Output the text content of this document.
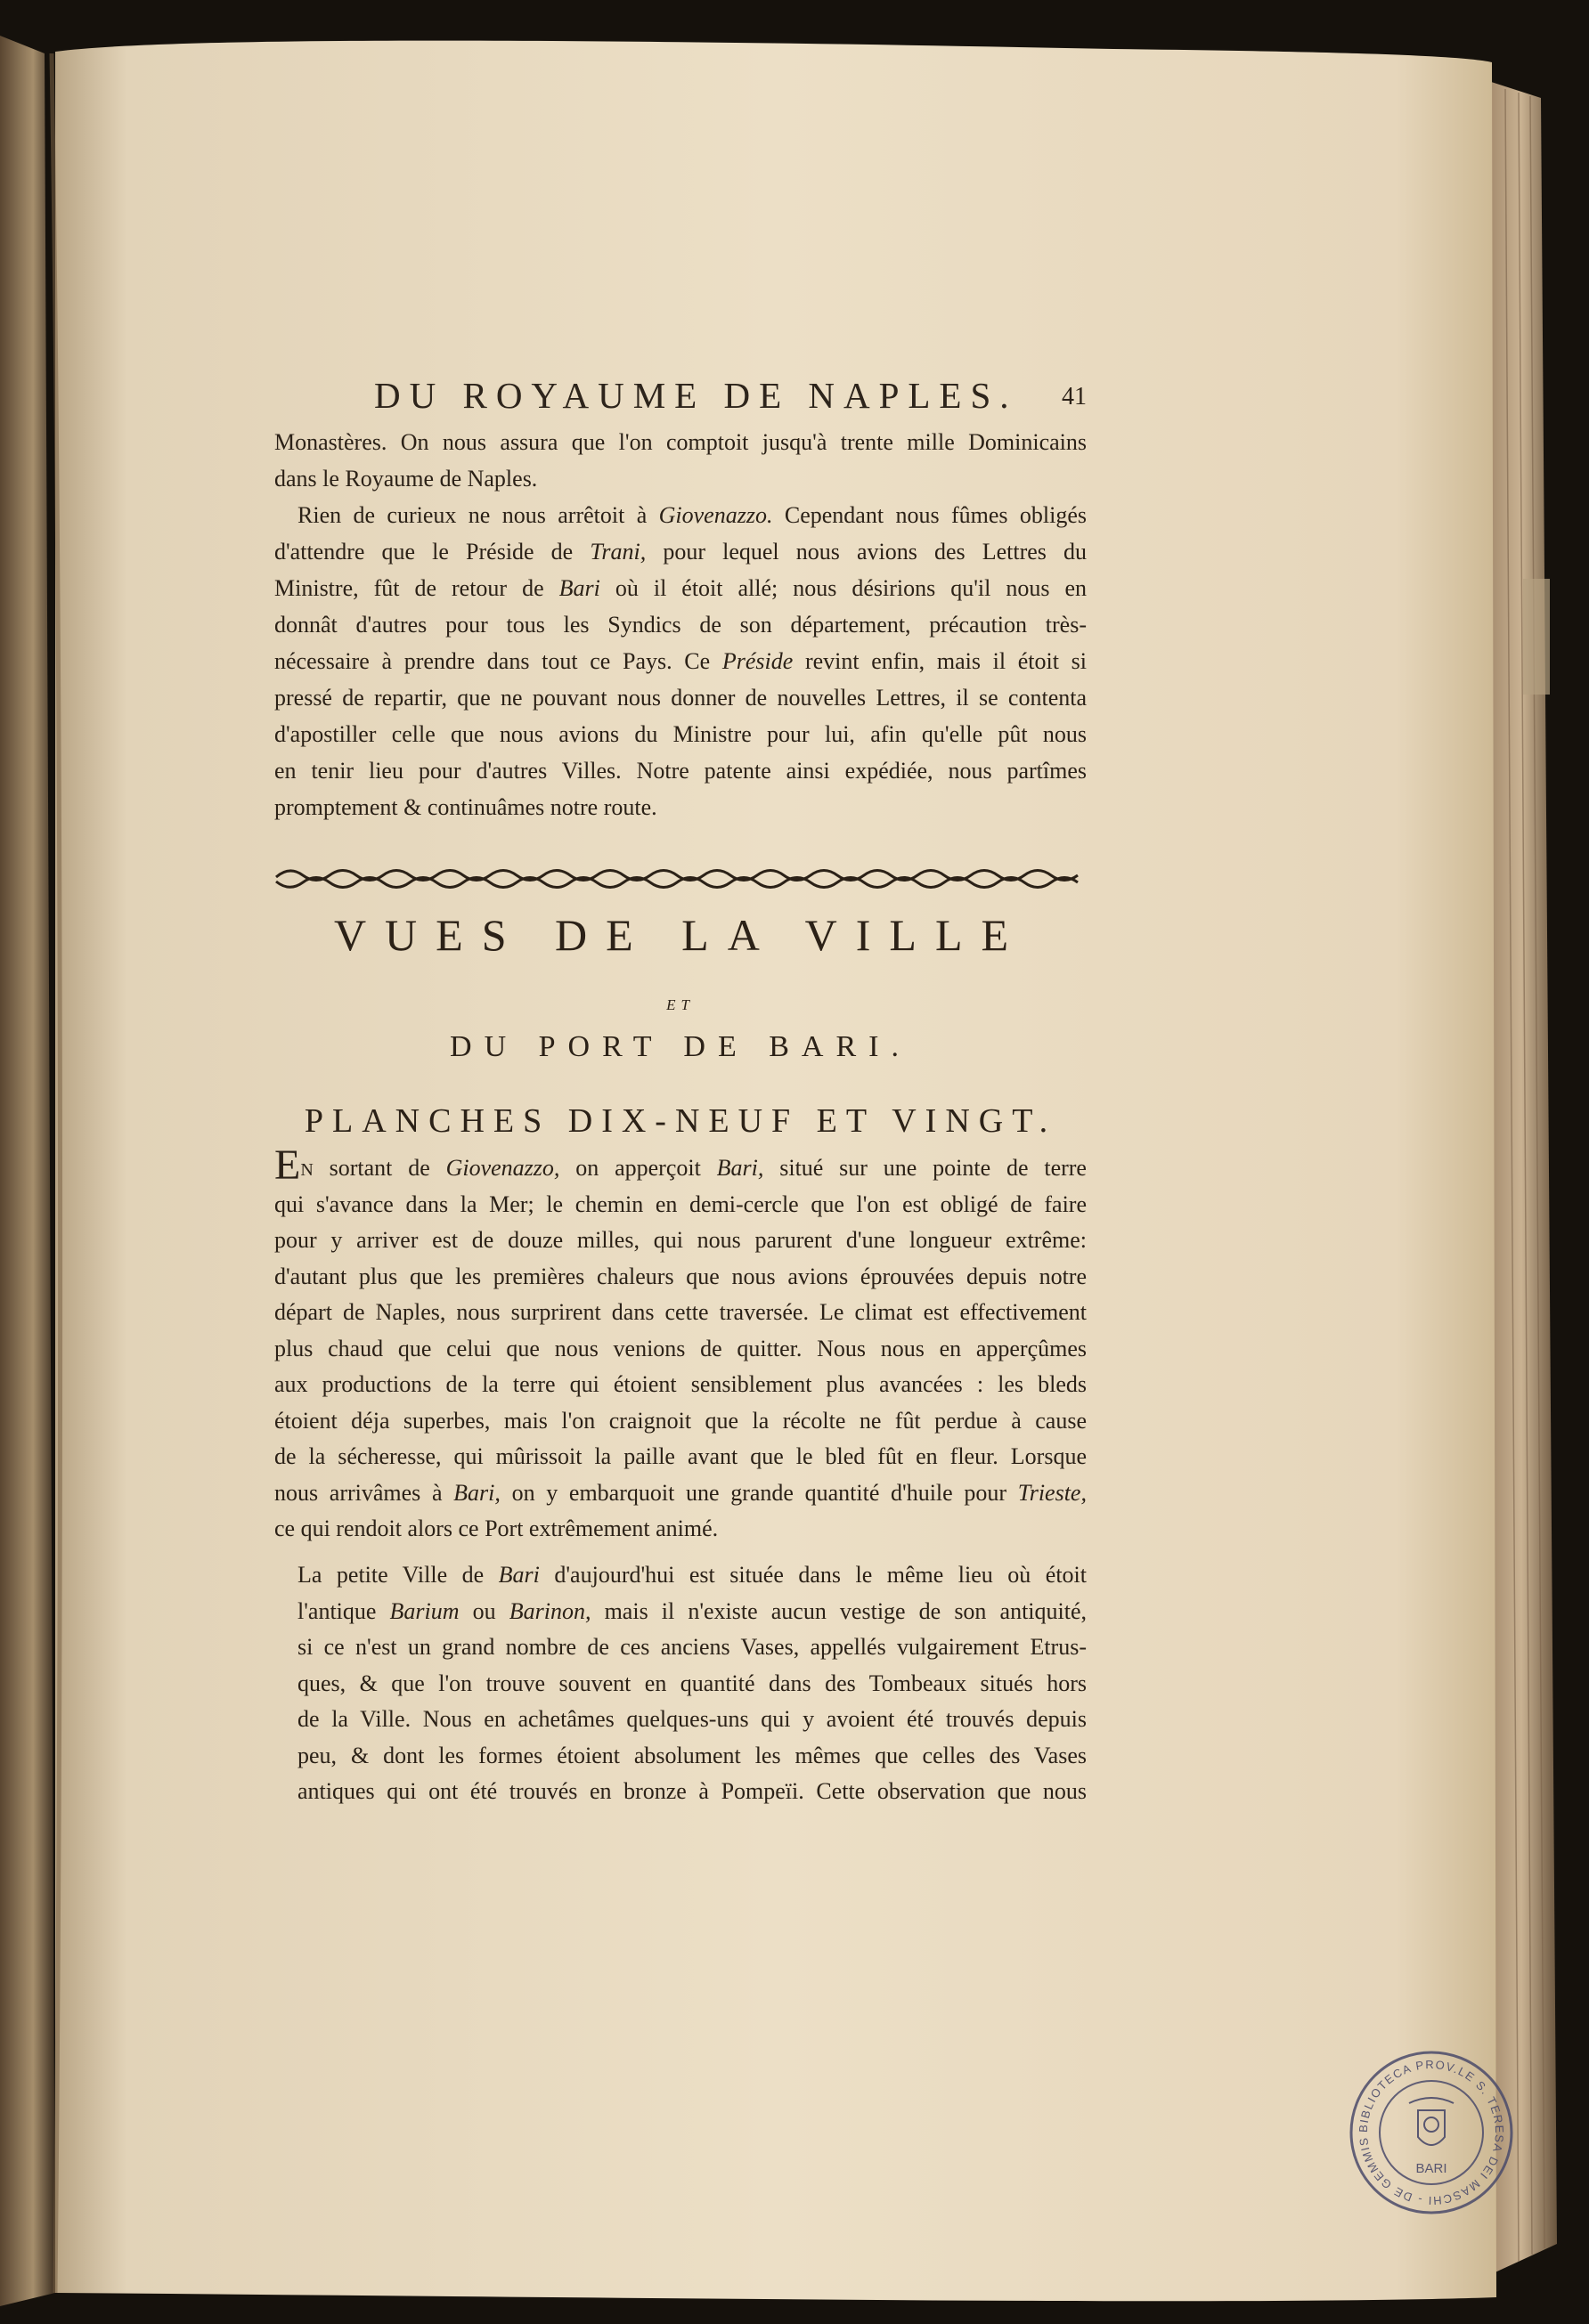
DU ROYAUME DE NAPLES. 41

Monastères. On nous assura que l'on comptoit jusqu'à trente mille Dominicains

dans le Royaume de Naples.

Rien de curieux ne nous arrêtoit à Giovenazzo. Cependant nous fûmes obligés

d'attendre que le Préside de Trani, pour lequel nous avions des Lettres du

Ministre, fût de retour de Bari où il étoit allé; nous désirions qu'il nous en

donnât d'autres pour tous les Syndics de son département, précaution très-

nécessaire à prendre dans tout ce Pays. Ce Préside revint enfin, mais il étoit si

pressé de repartir, que ne pouvant nous donner de nouvelles Lettres, il se contenta

d'apostiller celle que nous avions du Ministre pour lui, afin qu'elle pût nous

en tenir lieu pour d'autres Villes. Notre patente ainsi expédiée, nous partîmes

promptement & continuâmes notre route.

VUES DE LA VILLE
ET
DU PORT DE BARI.
PLANCHES DIX-NEUF ET VINGT.

EN sortant de Giovenazzo, on apperçoit Bari, situé sur une pointe de terre

qui s'avance dans la Mer; le chemin en demi-cercle que l'on est obligé de faire

pour y arriver est de douze milles, qui nous parurent d'une longueur extrême:

d'autant plus que les premières chaleurs que nous avions éprouvées depuis notre

départ de Naples, nous surprirent dans cette traversée. Le climat est effectivement

plus chaud que celui que nous venions de quitter. Nous nous en apperçûmes

aux productions de la terre qui étoient sensiblement plus avancées : les bleds

étoient déja superbes, mais l'on craignoit que la récolte ne fût perdue à cause

de la sécheresse, qui mûrissoit la paille avant que le bled fût en fleur. Lorsque

nous arrivâmes à Bari, on y embarquoit une grande quantité d'huile pour Trieste,

ce qui rendoit alors ce Port extrêmement animé.

La petite Ville de Bari d'aujourd'hui est située dans le même lieu où étoit

l'antique Barium ou Barinon, mais il n'existe aucun vestige de son antiquité,

si ce n'est un grand nombre de ces anciens Vases, appellés vulgairement Etrus-

ques, & que l'on trouve souvent en quantité dans des Tombeaux situés hors

de la Ville. Nous en achetâmes quelques-uns qui y avoient été trouvés depuis

peu, & dont les formes étoient absolument les mêmes que celles des Vases

antiques qui ont été trouvés en bronze à Pompeïi. Cette observation que nous

BIBLIOTECA PROV.LE S. TERESA DEI MASCHI - DE GEMMIS
BARI
